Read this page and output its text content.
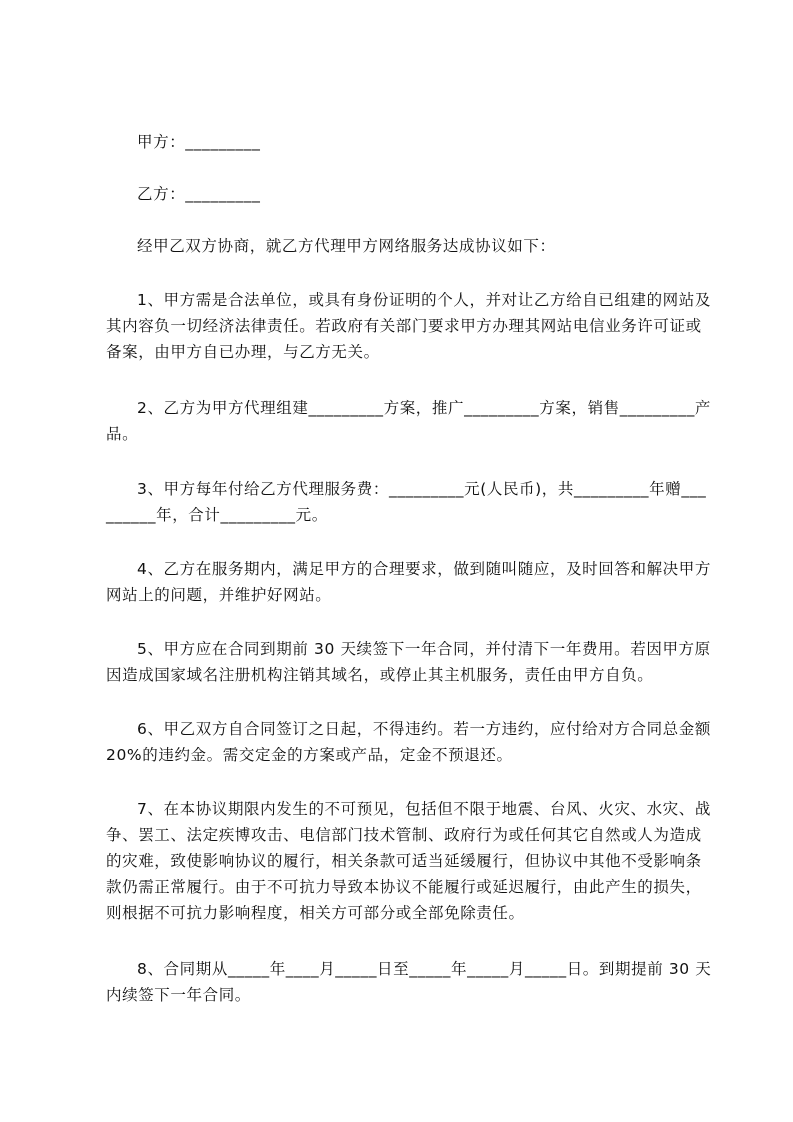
甲方：_________
乙方：_________
经甲乙双方协商，就乙方代理甲方网络服务达成协议如下：
1、甲方需是合法单位，或具有身份证明的个人，并对让乙方给自已组建的网站及
其内容负一切经济法律责任。若政府有关部门要求甲方办理其网站电信业务许可证或
备案，由甲方自已办理，与乙方无关。
2、乙方为甲方代理组建_________方案，推广_________方案，销售_________产
品。
3、甲方每年付给乙方代理服务费：_________元(人民币)，共_________年赠___
______年，合计_________元。
4、乙方在服务期内，满足甲方的合理要求，做到随叫随应，及时回答和解决甲方
网站上的问题，并维护好网站。
5、甲方应在合同到期前 30 天续签下一年合同，并付清下一年费用。若因甲方原
因造成国家域名注册机构注销其域名，或停止其主机服务，责任由甲方自负。
6、甲乙双方自合同签订之日起，不得违约。若一方违约，应付给对方合同总金额
20%的违约金。需交定金的方案或产品，定金不预退还。
7、在本协议期限内发生的不可预见，包括但不限于地震、台风、火灾、水灾、战
争、罢工、法定疾博攻击、电信部门技术管制、政府行为或任何其它自然或人为造成
的灾难，致使影响协议的履行，相关条款可适当延缓履行，但协议中其他不受影响条
款仍需正常履行。由于不可抗力导致本协议不能履行或延迟履行，由此产生的损失，
则根据不可抗力影响程度，相关方可部分或全部免除责任。
8、合同期从_____年____月_____日至_____年_____月_____日。到期提前 30 天
内续签下一年合同。
